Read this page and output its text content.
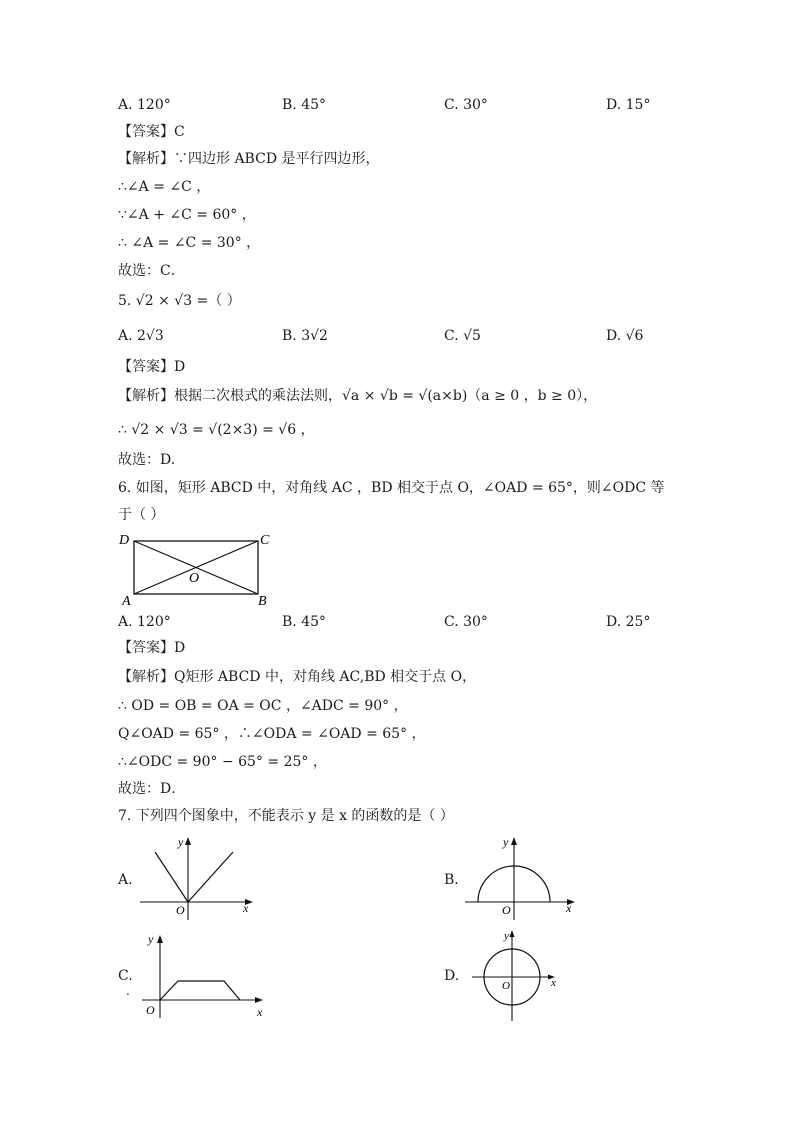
A. 120°	B. 45°	C. 30°	D. 15°
【答案】C
【解析】∵四边形 ABCD 是平行四边形，
∴∠A = ∠C ，
∵∠A + ∠C = 60° ，
∴ ∠A = ∠C = 30° ，
故选：C．
5. √2 × √3 =（ ）
A. 2√3	B. 3√2	C. √5	D. √6
【答案】D
【解析】根据二次根式的乘法法则，√a × √b = √(a×b)（a ≥ 0 ，b ≥ 0），
∴ √2 × √3 = √(2×3) = √6 ，
故选：D.
6. 如图，矩形 ABCD 中，对角线 AC ，BD 相交于点 O，∠OAD = 65°，则∠ODC 等
于（ ）
D	C
O
A	B
A. 120°	B. 45°	C. 30°	D. 25°
【答案】D
【解析】Q矩形 ABCD 中，对角线 AC,BD 相交于点 O，
∴ OD = OB = OA = OC ，∠ADC = 90° ，
Q∠OAD = 65° ，∴∠ODA = ∠OAD = 65° ，
∴∠ODC = 90° − 65° = 25° ，
故选：D．
7. 下列四个图象中，不能表示 y 是 x 的函数的是（ ）
A.
y
x
O
B.
y
x
O
C.
.
y
x
O
D.
y
x
O
